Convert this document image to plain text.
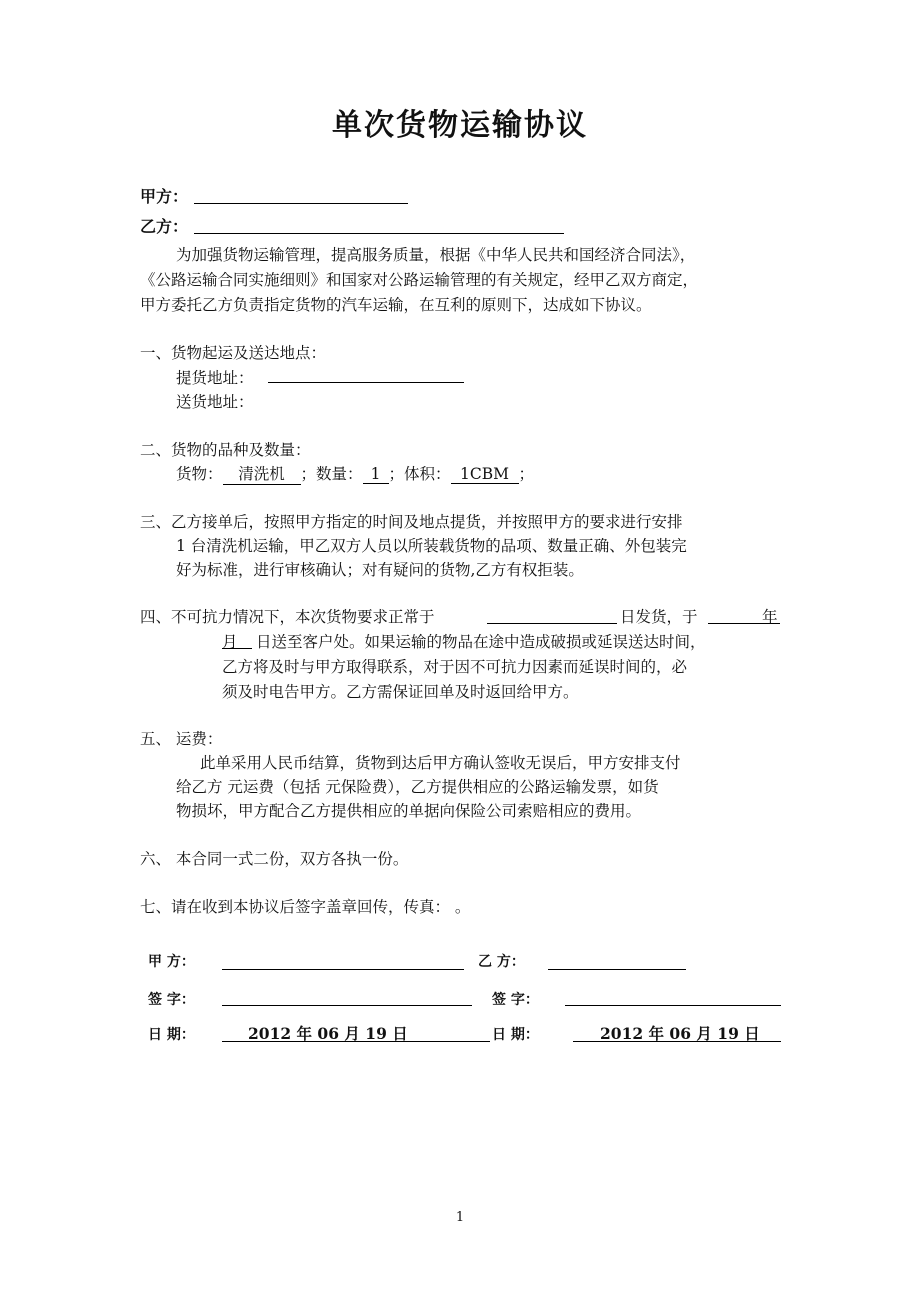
单次货物运输协议
甲方：
乙方：
为加强货物运输管理，提高服务质量，根据《中华人民共和国经济合同法》，
《公路运输合同实施细则》和国家对公路运输管理的有关规定，经甲乙双方商定，
甲方委托乙方负责指定货物的汽车运输，在互利的原则下，达成如下协议。
一、货物起运及送达地点：
提货地址：
送货地址：
二、货物的品种及数量：
货物： 清洗机 ；数量： 1 ；体积： 1CBM ；
三、乙方接单后，按照甲方指定的时间及地点提货，并按照甲方的要求进行安排
1 台清洗机运输，甲乙双方人员以所装载货物的品项、数量正确、外包装完
好为标准，进行审核确认；对有疑问的货物,乙方有权拒装。
四、不可抗力情况下，本次货物要求正常于	日发货，于	年
月 日送至客户处。如果运输的物品在途中造成破损或延误送达时间，
乙方将及时与甲方取得联系，对于因不可抗力因素而延误时间的，必
须及时电告甲方。乙方需保证回单及时返回给甲方。
五、 运费：
此单采用人民币结算，货物到达后甲方确认签收无误后，甲方安排支付
给乙方 元运费（包括 元保险费），乙方提供相应的公路运输发票，如货
物损坏，甲方配合乙方提供相应的单据向保险公司索赔相应的费用。
六、 本合同一式二份，双方各执一份。
七、请在收到本协议后签字盖章回传，传真： 。
甲 方：	乙 方：
签 字：	签 字：
日 期：	2012 年 06 月 19 日	日 期：	2012 年 06 月 19 日
1
